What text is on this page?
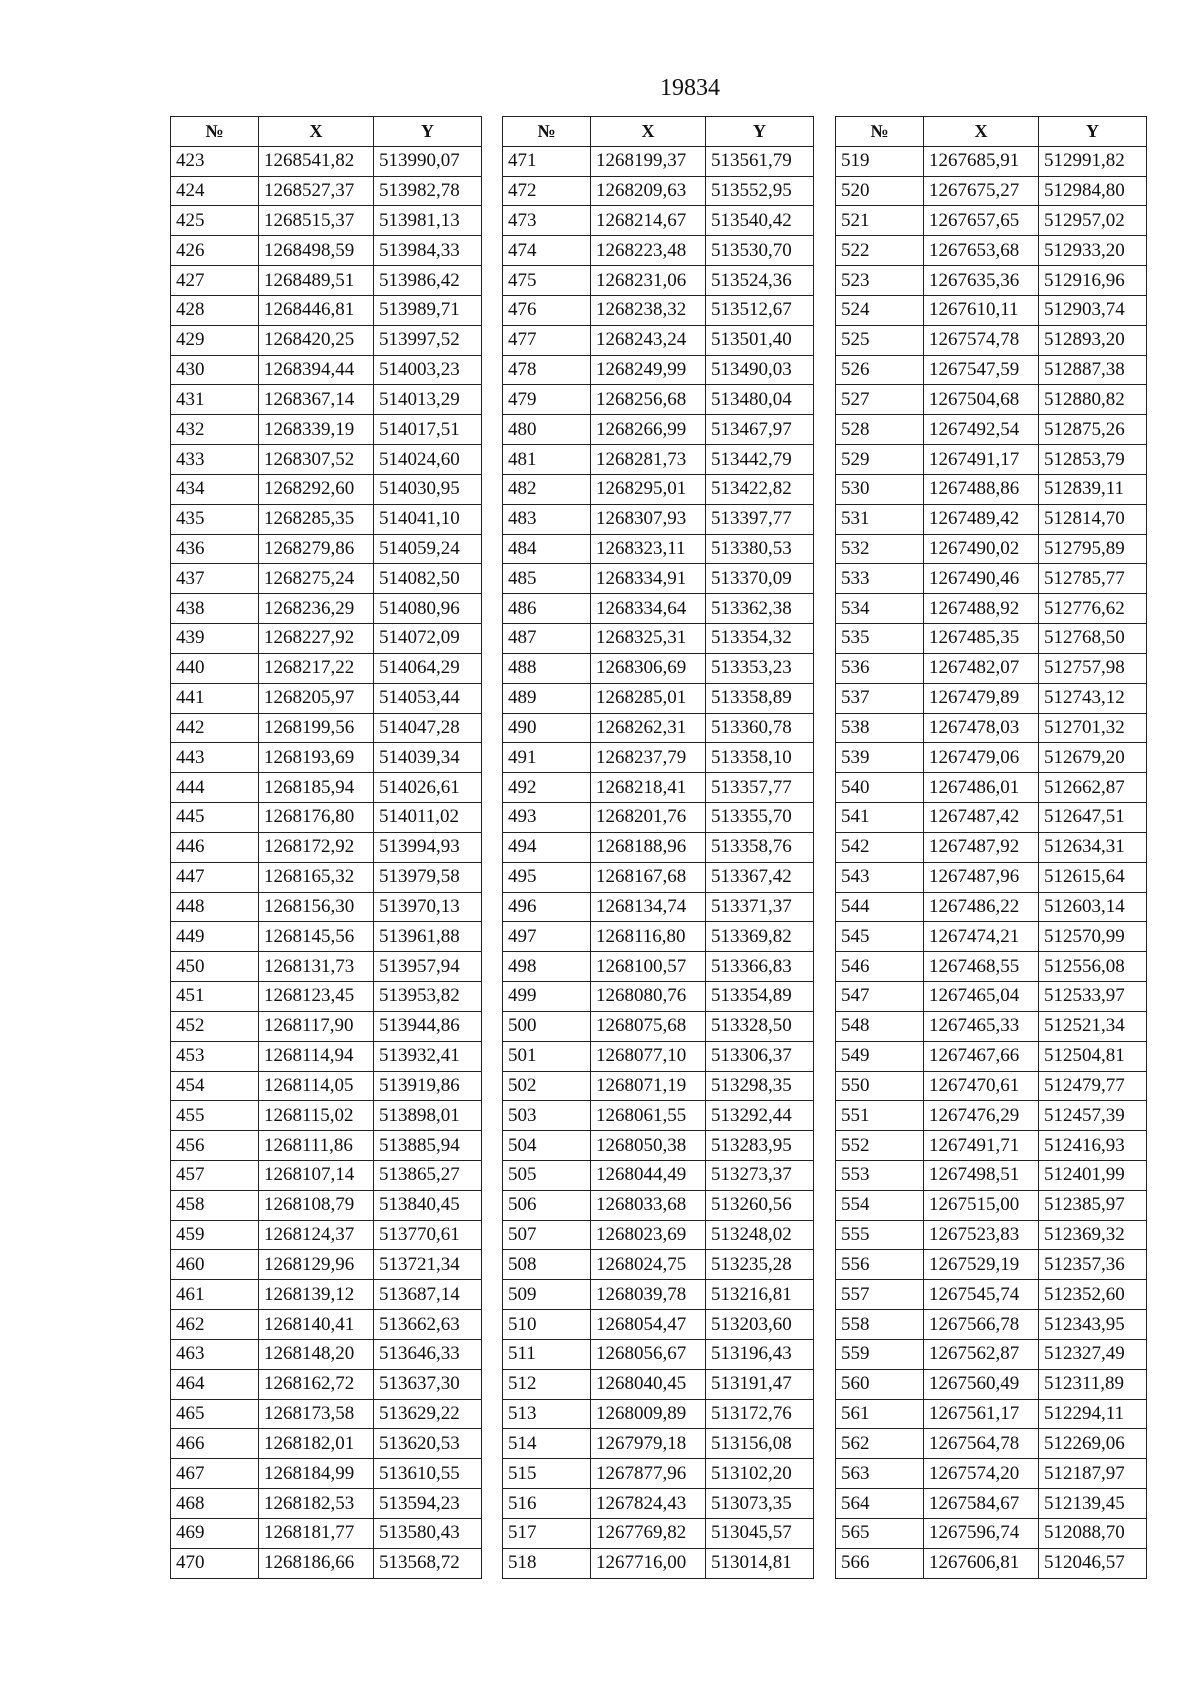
19834
№	X	Y
423	1268541,82	513990,07
424	1268527,37	513982,78
425	1268515,37	513981,13
426	1268498,59	513984,33
427	1268489,51	513986,42
428	1268446,81	513989,71
429	1268420,25	513997,52
430	1268394,44	514003,23
431	1268367,14	514013,29
432	1268339,19	514017,51
433	1268307,52	514024,60
434	1268292,60	514030,95
435	1268285,35	514041,10
436	1268279,86	514059,24
437	1268275,24	514082,50
438	1268236,29	514080,96
439	1268227,92	514072,09
440	1268217,22	514064,29
441	1268205,97	514053,44
442	1268199,56	514047,28
443	1268193,69	514039,34
444	1268185,94	514026,61
445	1268176,80	514011,02
446	1268172,92	513994,93
447	1268165,32	513979,58
448	1268156,30	513970,13
449	1268145,56	513961,88
450	1268131,73	513957,94
451	1268123,45	513953,82
452	1268117,90	513944,86
453	1268114,94	513932,41
454	1268114,05	513919,86
455	1268115,02	513898,01
456	1268111,86	513885,94
457	1268107,14	513865,27
458	1268108,79	513840,45
459	1268124,37	513770,61
460	1268129,96	513721,34
461	1268139,12	513687,14
462	1268140,41	513662,63
463	1268148,20	513646,33
464	1268162,72	513637,30
465	1268173,58	513629,22
466	1268182,01	513620,53
467	1268184,99	513610,55
468	1268182,53	513594,23
469	1268181,77	513580,43
470	1268186,66	513568,72
№	X	Y
471	1268199,37	513561,79
472	1268209,63	513552,95
473	1268214,67	513540,42
474	1268223,48	513530,70
475	1268231,06	513524,36
476	1268238,32	513512,67
477	1268243,24	513501,40
478	1268249,99	513490,03
479	1268256,68	513480,04
480	1268266,99	513467,97
481	1268281,73	513442,79
482	1268295,01	513422,82
483	1268307,93	513397,77
484	1268323,11	513380,53
485	1268334,91	513370,09
486	1268334,64	513362,38
487	1268325,31	513354,32
488	1268306,69	513353,23
489	1268285,01	513358,89
490	1268262,31	513360,78
491	1268237,79	513358,10
492	1268218,41	513357,77
493	1268201,76	513355,70
494	1268188,96	513358,76
495	1268167,68	513367,42
496	1268134,74	513371,37
497	1268116,80	513369,82
498	1268100,57	513366,83
499	1268080,76	513354,89
500	1268075,68	513328,50
501	1268077,10	513306,37
502	1268071,19	513298,35
503	1268061,55	513292,44
504	1268050,38	513283,95
505	1268044,49	513273,37
506	1268033,68	513260,56
507	1268023,69	513248,02
508	1268024,75	513235,28
509	1268039,78	513216,81
510	1268054,47	513203,60
511	1268056,67	513196,43
512	1268040,45	513191,47
513	1268009,89	513172,76
514	1267979,18	513156,08
515	1267877,96	513102,20
516	1267824,43	513073,35
517	1267769,82	513045,57
518	1267716,00	513014,81
№	X	Y
519	1267685,91	512991,82
520	1267675,27	512984,80
521	1267657,65	512957,02
522	1267653,68	512933,20
523	1267635,36	512916,96
524	1267610,11	512903,74
525	1267574,78	512893,20
526	1267547,59	512887,38
527	1267504,68	512880,82
528	1267492,54	512875,26
529	1267491,17	512853,79
530	1267488,86	512839,11
531	1267489,42	512814,70
532	1267490,02	512795,89
533	1267490,46	512785,77
534	1267488,92	512776,62
535	1267485,35	512768,50
536	1267482,07	512757,98
537	1267479,89	512743,12
538	1267478,03	512701,32
539	1267479,06	512679,20
540	1267486,01	512662,87
541	1267487,42	512647,51
542	1267487,92	512634,31
543	1267487,96	512615,64
544	1267486,22	512603,14
545	1267474,21	512570,99
546	1267468,55	512556,08
547	1267465,04	512533,97
548	1267465,33	512521,34
549	1267467,66	512504,81
550	1267470,61	512479,77
551	1267476,29	512457,39
552	1267491,71	512416,93
553	1267498,51	512401,99
554	1267515,00	512385,97
555	1267523,83	512369,32
556	1267529,19	512357,36
557	1267545,74	512352,60
558	1267566,78	512343,95
559	1267562,87	512327,49
560	1267560,49	512311,89
561	1267561,17	512294,11
562	1267564,78	512269,06
563	1267574,20	512187,97
564	1267584,67	512139,45
565	1267596,74	512088,70
566	1267606,81	512046,57
